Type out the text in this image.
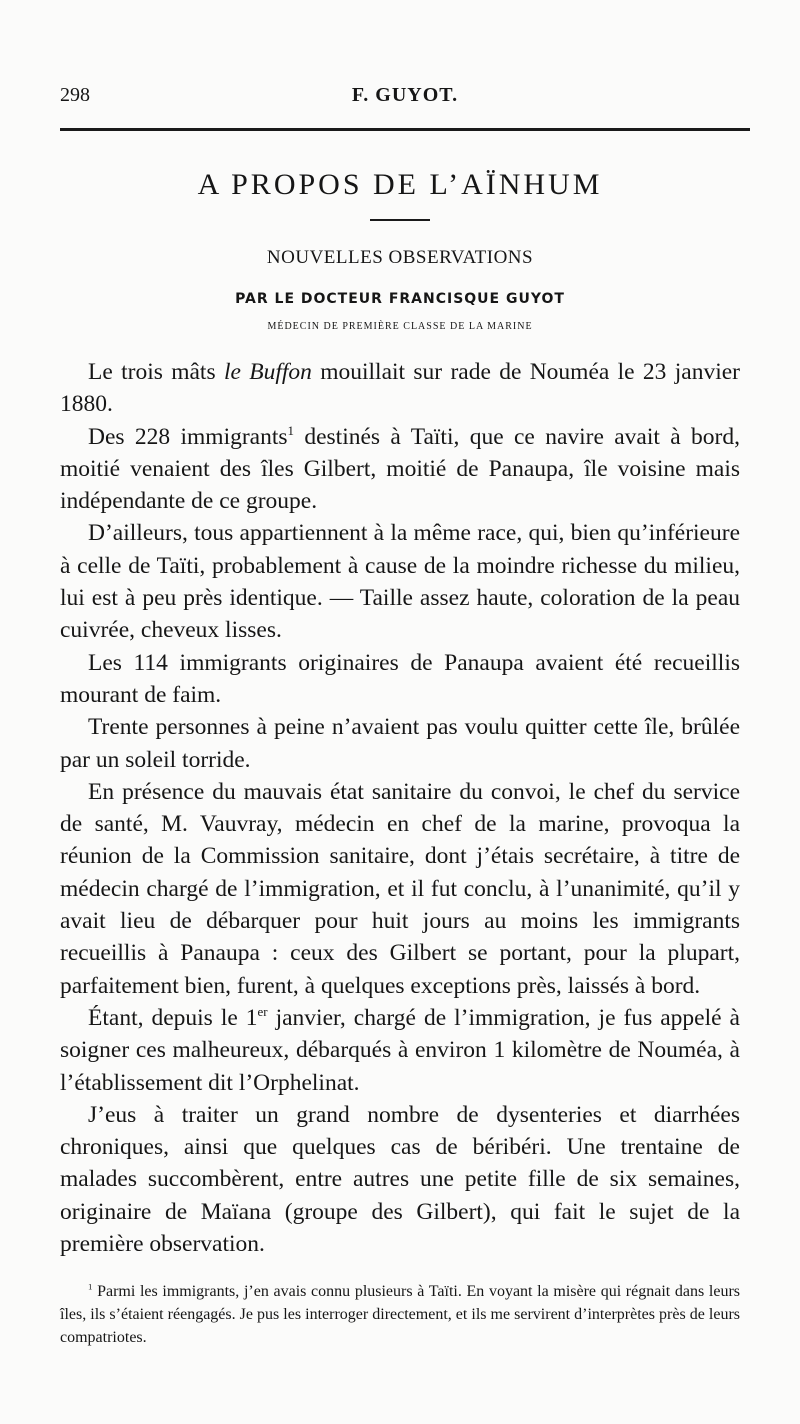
298	F. GUYOT.
A PROPOS DE L’AÏNHUM
NOUVELLES OBSERVATIONS
PAR LE DOCTEUR FRANCISQUE GUYOT
MÉDECIN DE PREMIÈRE CLASSE DE LA MARINE

Le trois mâts le Buffon mouillait sur rade de Nouméa le 23 janvier 1880.

Des 228 immigrants$^1$ destinés à Taïti, que ce navire avait à bord, moitié venaient des îles Gilbert, moitié de Panaupa, île voisine mais indépendante de ce groupe.

D’ailleurs, tous appartiennent à la même race, qui, bien qu’inférieure à celle de Taïti, probablement à cause de la moindre richesse du milieu, lui est à peu près identique. — Taille assez haute, coloration de la peau cuivrée, cheveux lisses.

Les 114 immigrants originaires de Panaupa avaient été recueillis mourant de faim.

Trente personnes à peine n’avaient pas voulu quitter cette île, brûlée par un soleil torride.

En présence du mauvais état sanitaire du convoi, le chef du service de santé, M. Vauvray, médecin en chef de la marine, provoqua la réunion de la Commission sanitaire, dont j’étais secrétaire, à titre de médecin chargé de l’immigration, et il fut conclu, à l’unanimité, qu’il y avait lieu de débarquer pour huit jours au moins les immigrants recueillis à Panaupa : ceux des Gilbert se portant, pour la plupart, parfaitement bien, furent, à quelques exceptions près, laissés à bord.

Étant, depuis le 1er janvier, chargé de l’immigration, je fus appelé à soigner ces malheureux, débarqués à environ 1 kilomètre de Nouméa, à l’établissement dit l’Orphelinat.

J’eus à traiter un grand nombre de dysenteries et diarrhées chroniques, ainsi que quelques cas de béribéri. Une trentaine de malades succombèrent, entre autres une petite fille de six semaines, originaire de Maïana (groupe des Gilbert), qui fait le sujet de la première observation.

$^1$ Parmi les immigrants, j’en avais connu plusieurs à Taïti. En voyant la misère qui régnait dans leurs îles, ils s’étaient réengagés. Je pus les interroger directement, et ils me servirent d’interprètes près de leurs compatriotes.
